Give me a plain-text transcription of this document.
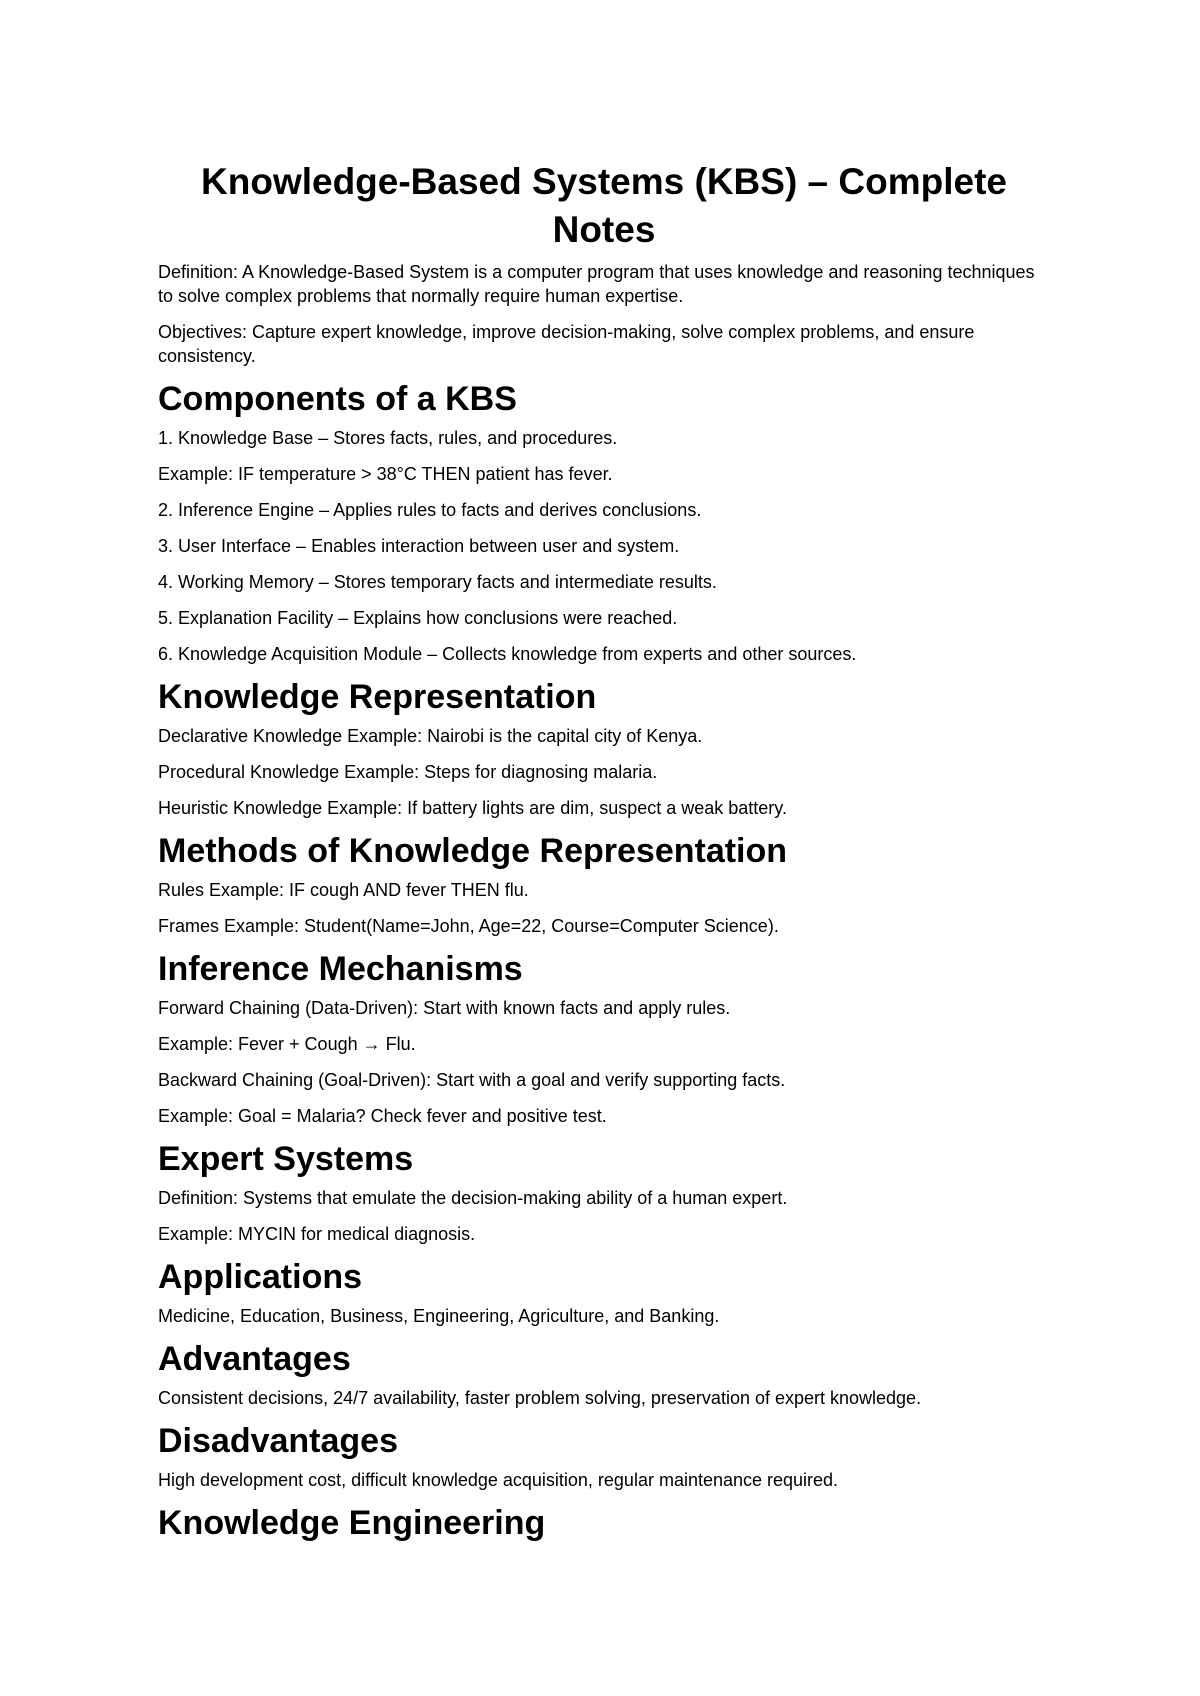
Knowledge-Based Systems (KBS) – Complete Notes

Definition: A Knowledge-Based System is a computer program that uses knowledge and reasoning techniques to solve complex problems that normally require human expertise.

Objectives: Capture expert knowledge, improve decision-making, solve complex problems, and ensure consistency.

Components of a KBS

1. Knowledge Base – Stores facts, rules, and procedures.

Example: IF temperature > 38°C THEN patient has fever.

2. Inference Engine – Applies rules to facts and derives conclusions.

3. User Interface – Enables interaction between user and system.

4. Working Memory – Stores temporary facts and intermediate results.

5. Explanation Facility – Explains how conclusions were reached.

6. Knowledge Acquisition Module – Collects knowledge from experts and other sources.

Knowledge Representation

Declarative Knowledge Example: Nairobi is the capital city of Kenya.

Procedural Knowledge Example: Steps for diagnosing malaria.

Heuristic Knowledge Example: If battery lights are dim, suspect a weak battery.

Methods of Knowledge Representation

Rules Example: IF cough AND fever THEN flu.

Frames Example: Student(Name=John, Age=22, Course=Computer Science).

Inference Mechanisms

Forward Chaining (Data-Driven): Start with known facts and apply rules.

Example: Fever + Cough → Flu.

Backward Chaining (Goal-Driven): Start with a goal and verify supporting facts.

Example: Goal = Malaria? Check fever and positive test.

Expert Systems

Definition: Systems that emulate the decision-making ability of a human expert.

Example: MYCIN for medical diagnosis.

Applications

Medicine, Education, Business, Engineering, Agriculture, and Banking.

Advantages

Consistent decisions, 24/7 availability, faster problem solving, preservation of expert knowledge.

Disadvantages

High development cost, difficult knowledge acquisition, regular maintenance required.

Knowledge Engineering
